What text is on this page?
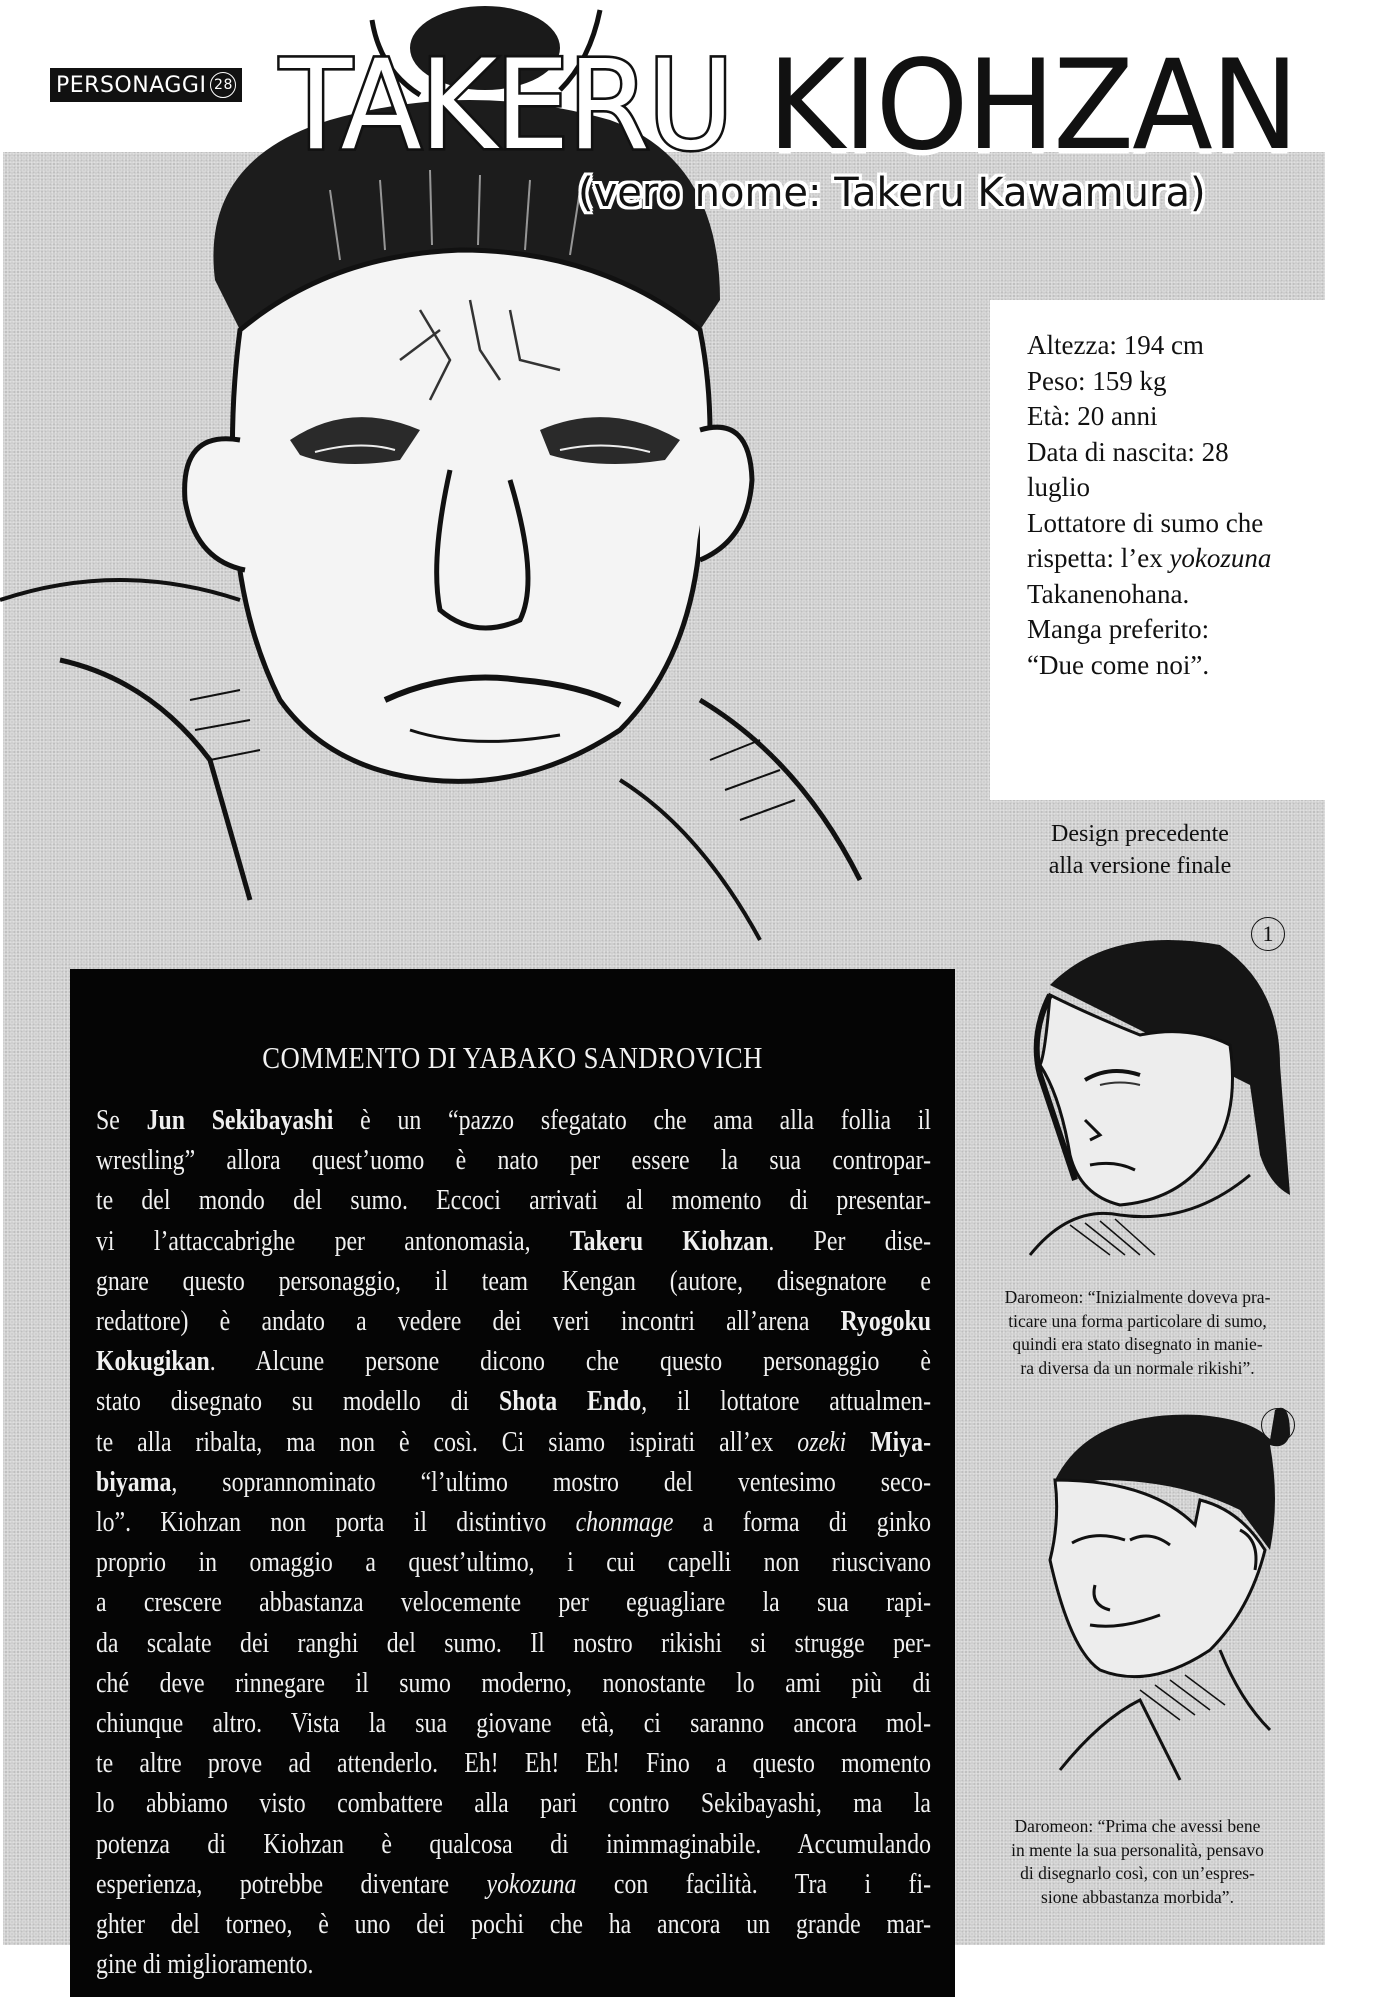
PERSONAGGI 28 TAKERU KIOHZAN

(vero nome: Takeru Kawamura)

Altezza: 194 cm
Peso: 159 kg
Età: 20 anni
Data di nascita: 28
luglio
Lottatore di sumo che
rispetta: l’ex yokozuna
Takanenohana.
Manga preferito:
“Due come noi”.
Design precedente
alla versione finale
1
Daromeon: “Inizialmente doveva pra-
ticare una forma particolare di sumo,
quindi era stato disegnato in manie-
ra diversa da un normale rikishi”.
Daromeon: “Prima che avessi bene
in mente la sua personalità, pensavo
di disegnarlo così, con un’espres-
sione abbastanza morbida”.
COMMENTO DI YABAKO SANDROVICH
Se Jun Sekibayashi è un “pazzo sfegatato che ama alla follia il
wrestling” allora quest’uomo è nato per essere la sua contropar-
te del mondo del sumo. Eccoci arrivati al momento di presentar-
vi l’attaccabrighe per antonomasia, Takeru Kiohzan. Per dise-
gnare questo personaggio, il team Kengan (autore, disegnatore e
redattore) è andato a vedere dei veri incontri all’arena Ryogoku
Kokugikan. Alcune persone dicono che questo personaggio è
stato disegnato su modello di Shota Endo, il lottatore attualmen-
te alla ribalta, ma non è così. Ci siamo ispirati all’ex ozeki Miya-
biyama, soprannominato “l’ultimo mostro del ventesimo seco-
lo”. Kiohzan non porta il distintivo chonmage a forma di ginko
proprio in omaggio a quest’ultimo, i cui capelli non riuscivano
a crescere abbastanza velocemente per eguagliare la sua rapi-
da scalate dei ranghi del sumo. Il nostro rikishi si strugge per-
ché deve rinnegare il sumo moderno, nonostante lo ami più di
chiunque altro. Vista la sua giovane età, ci saranno ancora mol-
te altre prove ad attenderlo. Eh! Eh! Eh! Fino a questo momento
lo abbiamo visto combattere alla pari contro Sekibayashi, ma la
potenza di Kiohzan è qualcosa di inimmaginabile. Accumulando
esperienza, potrebbe diventare yokozuna con facilità. Tra i fi-
ghter del torneo, è uno dei pochi che ha ancora un grande mar-
gine di miglioramento.
